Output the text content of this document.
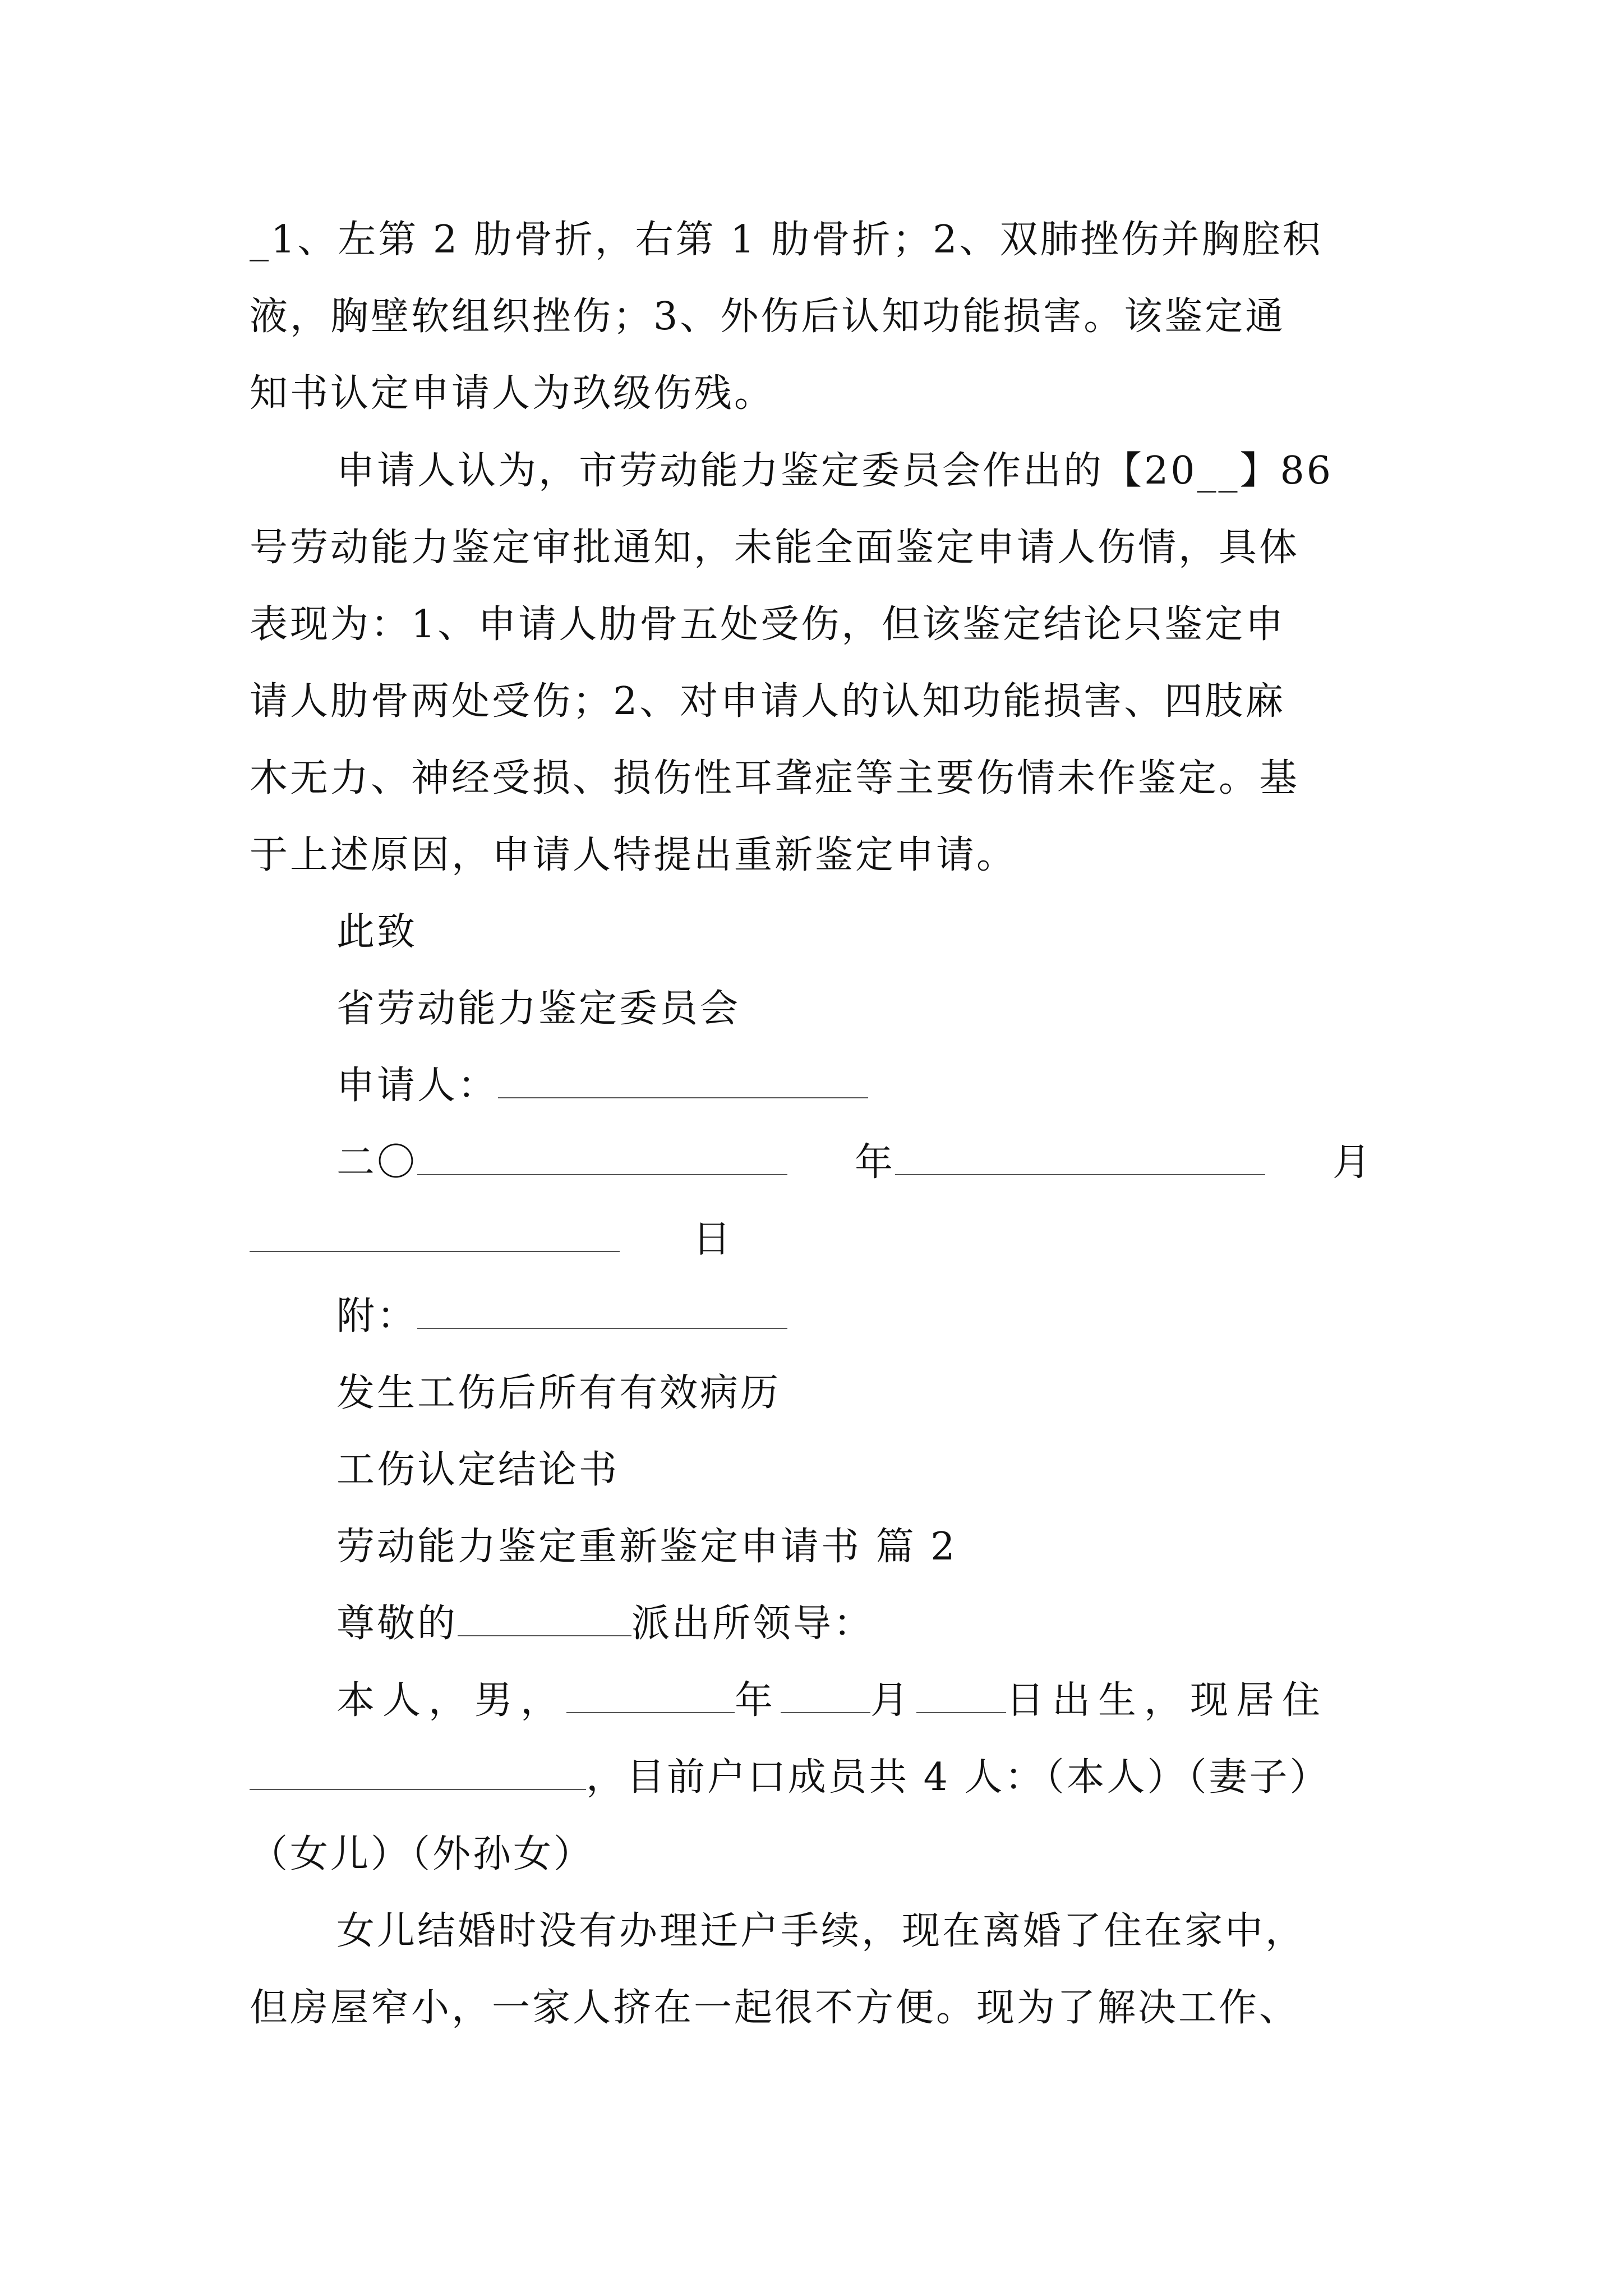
_1、左第 2 肋骨折，右第 1 肋骨折；2、双肺挫伤并胸腔积
液，胸壁软组织挫伤；3、外伤后认知功能损害。该鉴定通
知书认定申请人为玖级伤残。
申请人认为，市劳动能力鉴定委员会作出的【20__】86
号劳动能力鉴定审批通知，未能全面鉴定申请人伤情，具体
表现为：1、申请人肋骨五处受伤，但该鉴定结论只鉴定申
请人肋骨两处受伤；2、对申请人的认知功能损害、四肢麻
木无力、神经受损、损伤性耳聋症等主要伤情未作鉴定。基
于上述原因，申请人特提出重新鉴定申请。
此致
省劳动能力鉴定委员会
申请人：
二〇	年	月
日
附：
发生工伤后所有有效病历
工伤认定结论书
劳动能力鉴定重新鉴定申请书 篇 2
尊敬的	派出所领导：
本人，男，	年 月 日出生，现居住
，目前户口成员共 4 人：（本人）（妻子）
（女儿）（外孙女）
女儿结婚时没有办理迁户手续，现在离婚了住在家中，
但房屋窄小，一家人挤在一起很不方便。现为了解决工作、
